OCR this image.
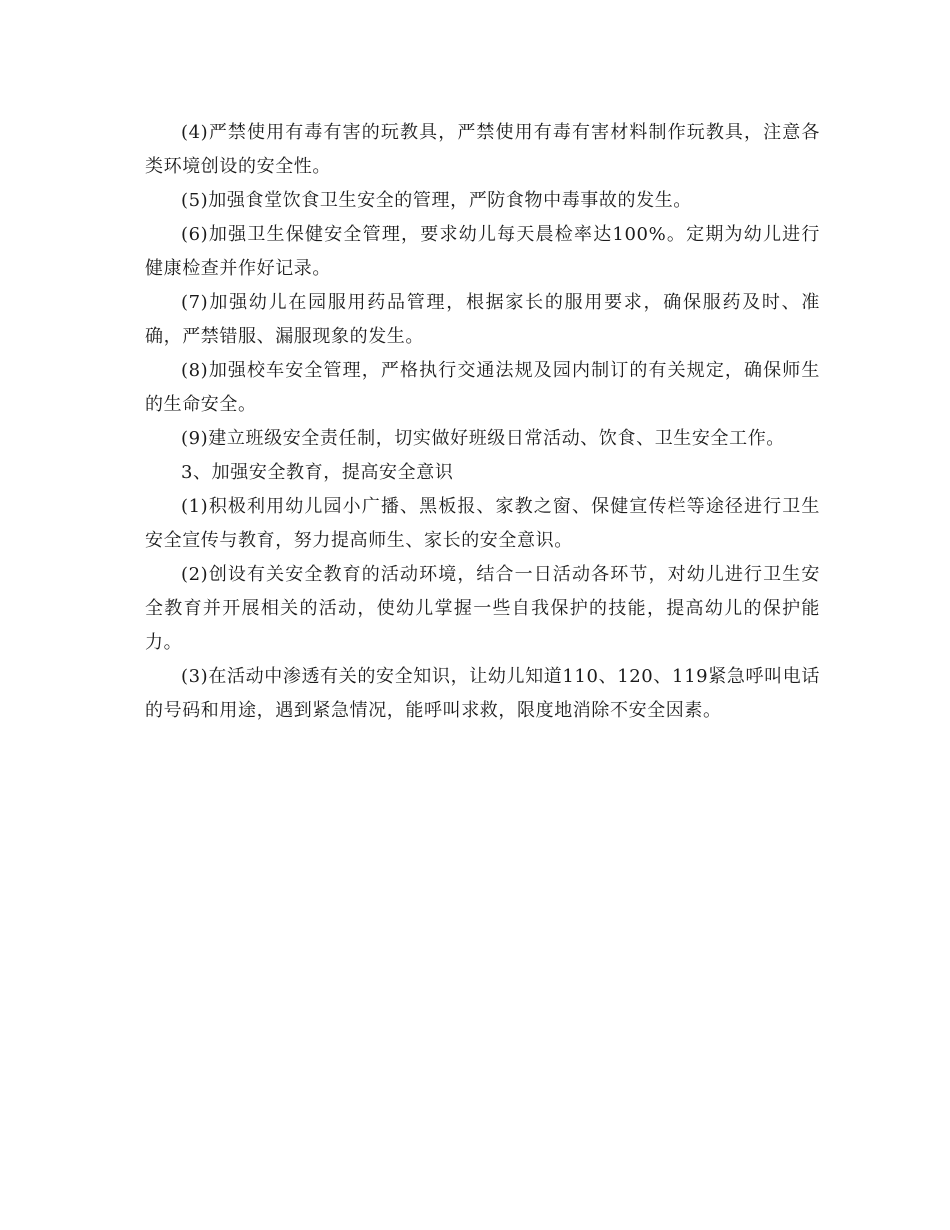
(4)严禁使用有毒有害的玩教具，严禁使用有毒有害材料制作玩教具，注意各类环境创设的安全性。

(5)加强食堂饮食卫生安全的管理，严防食物中毒事故的发生。

(6)加强卫生保健安全管理，要求幼儿每天晨检率达100%。定期为幼儿进行健康检查并作好记录。

(7)加强幼儿在园服用药品管理，根据家长的服用要求，确保服药及时、准确，严禁错服、漏服现象的发生。

(8)加强校车安全管理，严格执行交通法规及园内制订的有关规定，确保师生的生命安全。

(9)建立班级安全责任制，切实做好班级日常活动、饮食、卫生安全工作。

3、加强安全教育，提高安全意识

(1)积极利用幼儿园小广播、黑板报、家教之窗、保健宣传栏等途径进行卫生安全宣传与教育，努力提高师生、家长的安全意识。

(2)创设有关安全教育的活动环境，结合一日活动各环节，对幼儿进行卫生安全教育并开展相关的活动，使幼儿掌握一些自我保护的技能，提高幼儿的保护能力。

(3)在活动中渗透有关的安全知识，让幼儿知道110、120、119紧急呼叫电话的号码和用途，遇到紧急情况，能呼叫求救，限度地消除不安全因素。
